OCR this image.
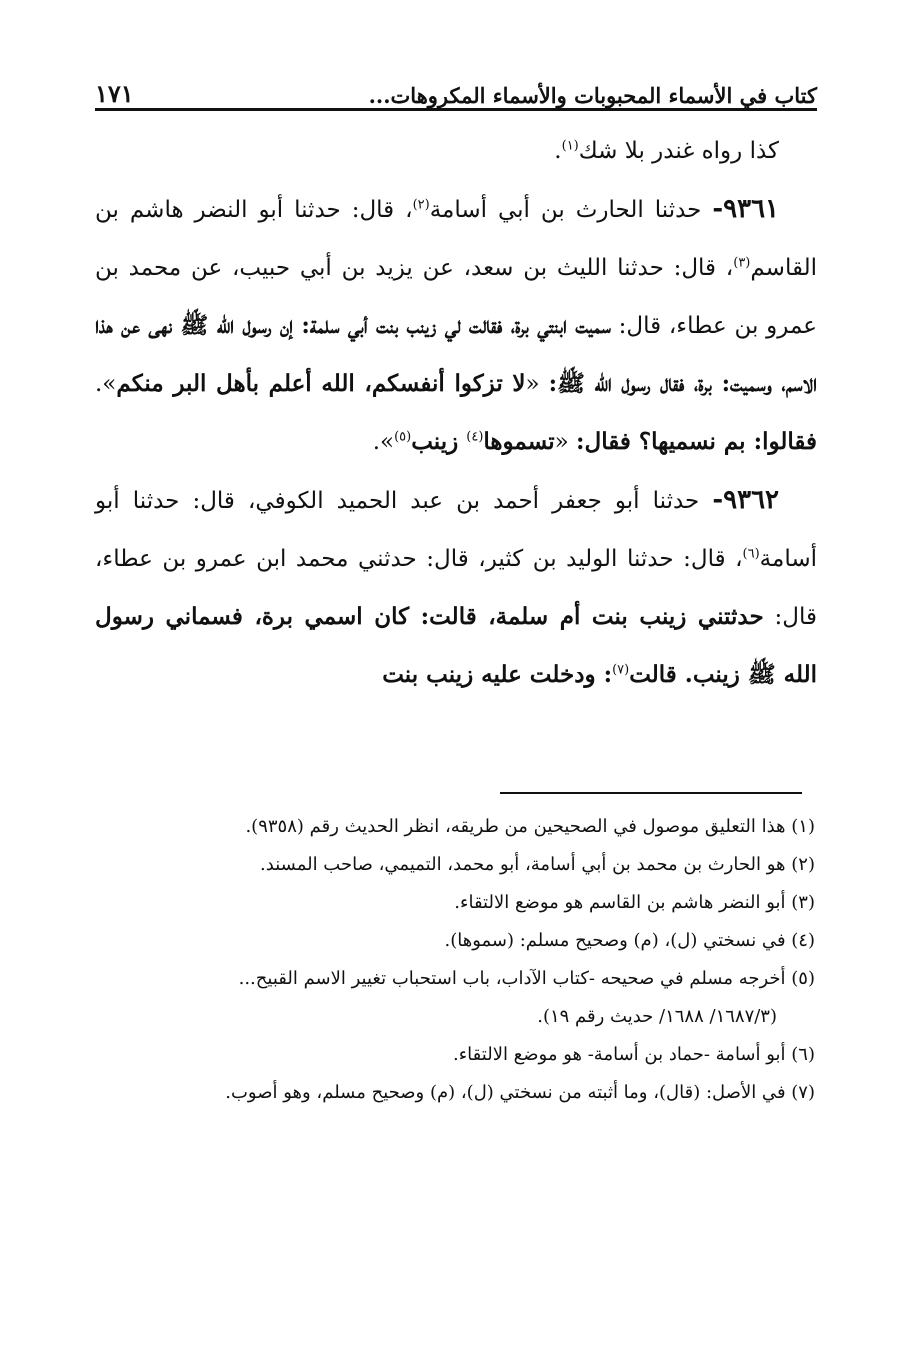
كتاب في الأسماء المحبوبات والأسماء المكروهات...
١٧١

كذا رواه غندر بلا شك$^{(١)}$.

٩٣٦١- حدثنا الحارث بن أبي أسامة$^{(٢)}$، قال: حدثنا أبو النضر هاشم بن القاسم$^{(٣)}$، قال: حدثنا الليث بن سعد، عن يزيد بن أبي حبيب، عن محمد بن عمرو بن عطاء، قال: سميت ابنتي برة، فقالت لي زينب بنت أبي سلمة: إن رسول الله ﷺ نهى عن هذا الاسم، وسميت: برة، فقال رسول الله ﷺ: «لا تزكوا أنفسكم، الله أعلم بأهل البر منكم». فقالوا: بم نسميها؟ فقال: «تسموها$^{(٤)}$ زينب$^{(٥)}$».

٩٣٦٢- حدثنا أبو جعفر أحمد بن عبد الحميد الكوفي، قال: حدثنا أبو أسامة$^{(٦)}$، قال: حدثنا الوليد بن كثير، قال: حدثني محمد ابن عمرو بن عطاء، قال: حدثتني زينب بنت أم سلمة، قالت: كان اسمي برة، فسماني رسول الله ﷺ زينب. قالت$^{(٧)}$: ودخلت عليه زينب بنت

(١) هذا التعليق موصول في الصحيحين من طريقه، انظر الحديث رقم (٩٣٥٨).

(٢) هو الحارث بن محمد بن أبي أسامة، أبو محمد، التميمي، صاحب المسند.

(٣) أبو النضر هاشم بن القاسم هو موضع الالتقاء.

(٤) في نسختي (ل)، (م) وصحيح مسلم: (سموها).

(٥) أخرجه مسلم في صحيحه -كتاب الآداب، باب استحباب تغيير الاسم القبيح...

(١٦٨٧/٣/ ١٦٨٨/ حديث رقم ١٩).

(٦) أبو أسامة -حماد بن أسامة- هو موضع الالتقاء.

(٧) في الأصل: (قال)، وما أثبته من نسختي (ل)، (م) وصحيح مسلم، وهو أصوب.
